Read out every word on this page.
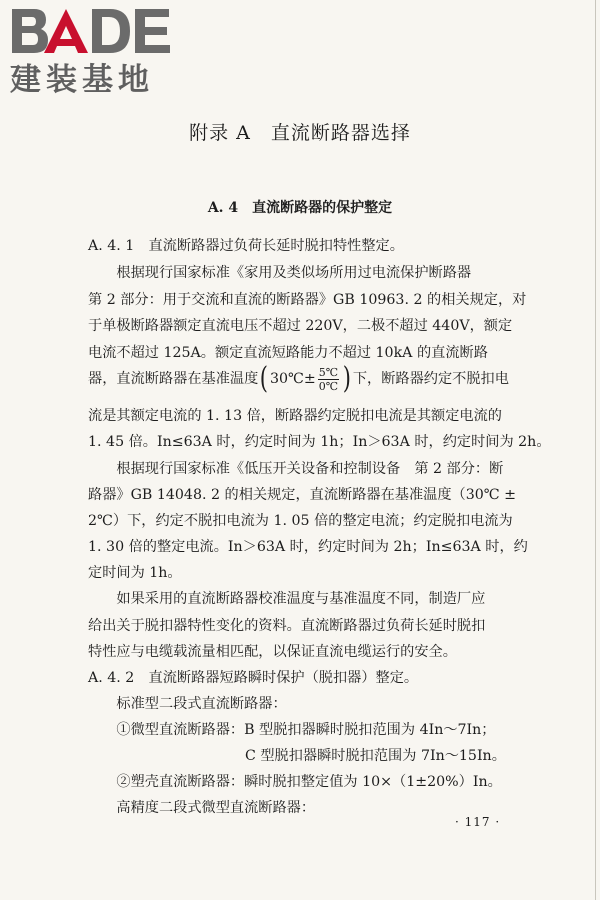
建装基地
附录 A　直流断路器选择
A. 4　直流断路器的保护整定
A. 4. 1　直流断路器过负荷长延时脱扣特性整定。
　　根据现行国家标准《家用及类似场所用过电流保护断路器
第 2 部分：用于交流和直流的断路器》GB 10963. 2 的相关规定，对
于单极断路器额定直流电压不超过 220V，二极不超过 440V，额定
电流不超过 125A。额定直流短路能力不超过 10kA 的直流断路
器，直流断路器在基准温度 ( 30℃± $\frac{5℃}{0℃}$ ) 下，断路器约定不脱扣电
流是其额定电流的 1. 13 倍，断路器约定脱扣电流是其额定电流的
1. 45 倍。In≤63A 时，约定时间为 1h；In＞63A 时，约定时间为 2h。
　　根据现行国家标准《低压开关设备和控制设备　第 2 部分：断
路器》GB 14048. 2 的相关规定，直流断路器在基准温度（30℃ ±
2℃）下，约定不脱扣电流为 1. 05 倍的整定电流；约定脱扣电流为
1. 30 倍的整定电流。In＞63A 时，约定时间为 2h；In≤63A 时，约
定时间为 1h。
　　如果采用的直流断路器校准温度与基准温度不同，制造厂应
给出关于脱扣器特性变化的资料。直流断路器过负荷长延时脱扣
特性应与电缆载流量相匹配，以保证直流电缆运行的安全。
A. 4. 2　直流断路器短路瞬时保护（脱扣器）整定。
　　标准型二段式直流断路器：
　　①微型直流断路器：B 型脱扣器瞬时脱扣范围为 4In～7In；
C 型脱扣器瞬时脱扣范围为 7In～15In。
　　②塑壳直流断路器：瞬时脱扣整定值为 10×（1±20%）In。
　　高精度二段式微型直流断路器：
· 117 ·
